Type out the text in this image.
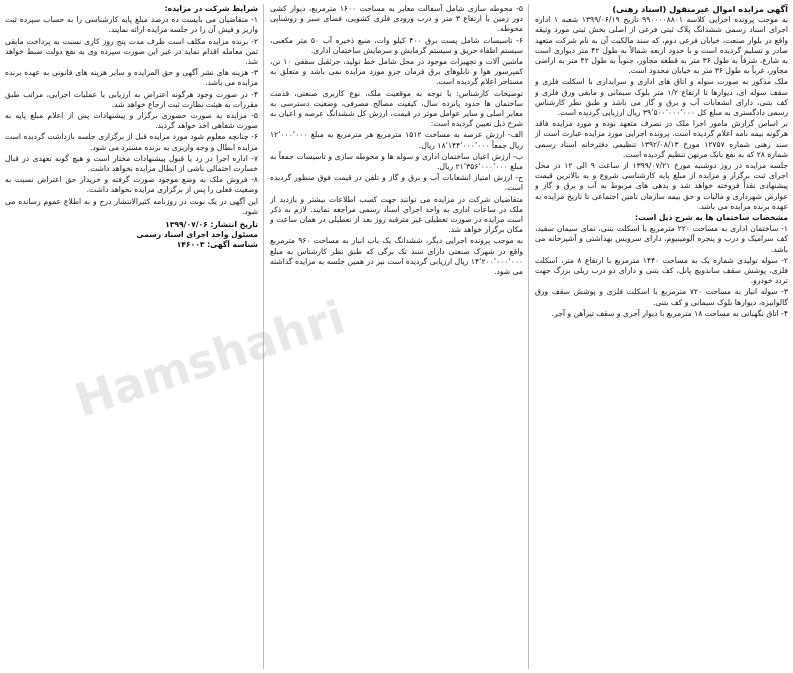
آگهی مزایده اموال غیرمنقول (اسناد رهنی)

به موجب پرونده اجرایی کلاسه ۹۹۰۰۰۰۸۸۰۱ تاریخ ۱۳۹۹/۰۶/۱۹ شعبه ۱ اداره اجرای اسناد رسمی ششدانگ پلاک ثبتی فرعی از اصلی بخش ثبتی مورد وثیقه واقع در بلوار صنعت، خیابان فرعی دوم، که سند مالکیت آن به نام شرکت متعهد صادر و تسلیم گردیده است و با حدود اربعه شمالاً به طول ۴۲ متر دیواری است به شارع، شرقاً به طول ۳۶ متر به قطعه مجاور، جنوباً به طول ۴۲ متر به اراضی مجاور، غرباً به طول ۳۶ متر به خیابان محدود است.

ملک مذکور به صورت سوله و اتاق های اداری و سرایداری با اسکلت فلزی و سقف سوله ای، دیوارها تا ارتفاع ۱/۲ متر بلوک سیمانی و مابقی ورق فلزی و کف بتنی، دارای انشعابات آب و برق و گاز می باشد و طبق نظر کارشناس رسمی دادگستری به مبلغ کل ۳۹٬۵۰۰٬۰۰۰٬۰۰۰ ریال ارزیابی گردیده است.

بر اساس گزارش مامور اجرا ملک در تصرف متعهد بوده و مورد مزایده فاقد هرگونه بیمه نامه اعلام گردیده است. پرونده اجرایی مورد مزایده عبارت است از سند رهنی شماره ۱۲۷۵۷ مورخ ۱۳۹۲/۰۸/۱۳ تنظیمی دفترخانه اسناد رسمی شماره ۲۸ که به نفع بانک مرتهن تنظیم گردیده است.

جلسه مزایده در روز دوشنبه مورخ ۱۳۹۹/۰۷/۲۱ از ساعت ۹ الی ۱۲ در محل اجرای ثبت برگزار و مزایده از مبلغ پایه کارشناسی شروع و به بالاترین قیمت پیشنهادی نقداً فروخته خواهد شد و بدهی های مربوط به آب و برق و گاز و عوارض شهرداری و مالیات و حق بیمه سازمان تامین اجتماعی تا تاریخ مزایده به عهده برنده مزایده می باشد.

مشخصات ساختمان ها به شرح ذیل است:

۱- ساختمان اداری به مساحت ۲۲۰ مترمربع با اسکلت بتنی، نمای سیمان سفید، کف سرامیک و درب و پنجره آلومینیوم، دارای سرویس بهداشتی و آشپزخانه می باشد.

۲- سوله تولیدی شماره یک به مساحت ۱۴۴۰ مترمربع با ارتفاع ۸ متر، اسکلت فلزی، پوشش سقف ساندویچ پانل، کف بتنی و دارای دو درب ریلی بزرگ جهت تردد خودرو.

۳- سوله انبار به مساحت ۷۲۰ مترمربع با اسکلت فلزی و پوشش سقف ورق گالوانیزه، دیوارها بلوک سیمانی و کف بتنی.

۴- اتاق نگهبانی به مساحت ۱۸ مترمربع با دیوار آجری و سقف تیرآهن و آجر.

۵- محوطه سازی شامل آسفالت معابر به مساحت ۱۶۰۰ مترمربع، دیوار کشی دور زمین با ارتفاع ۳ متر و درب ورودی فلزی کشویی، فضای سبز و روشنایی محوطه.

۶- تاسیسات شامل پست برق ۴۰۰ کیلو وات، منبع ذخیره آب ۵۰ متر مکعبی، سیستم اطفاء حریق و سیستم گرمایش و سرمایش ساختمان اداری.

ماشین آلات و تجهیزات موجود در محل شامل خط تولید، جرثقیل سقفی ۱۰ تن، کمپرسور هوا و تابلوهای برق فرمان جزو مورد مزایده نمی باشد و متعلق به مستاجر اعلام گردیده است.

توضیحات کارشناس: با توجه به موقعیت ملک، نوع کاربری صنعتی، قدمت ساختمان ها حدود پانزده سال، کیفیت مصالح مصرفی، وضعیت دسترسی به معابر اصلی و سایر عوامل موثر در قیمت، ارزش کل ششدانگ عرصه و اعیان به شرح ذیل تعیین گردیده است:

الف- ارزش عرصه به مساحت ۱۵۱۲ مترمربع هر مترمربع به مبلغ ۱۲٬۰۰۰٬۰۰۰ ریال جمعاً ۱۸٬۱۴۴٬۰۰۰٬۰۰۰ ریال.

ب- ارزش اعیان ساختمان اداری و سوله ها و محوطه سازی و تاسیسات جمعاً به مبلغ ۲۱٬۳۵۶٬۰۰۰٬۰۰۰ ریال.

ج- ارزش امتیاز انشعابات آب و برق و گاز و تلفن در قیمت فوق منظور گردیده است.

متقاضیان شرکت در مزایده می توانند جهت کسب اطلاعات بیشتر و بازدید از ملک در ساعات اداری به واحد اجرای اسناد رسمی مراجعه نمایند. لازم به ذکر است مزایده در صورت تعطیلی غیر مترقبه روز بعد از تعطیلی در همان ساعت و مکان برگزار خواهد شد.

به موجب پرونده اجرایی دیگر، ششدانگ یک باب انبار به مساحت ۹۶۰ مترمربع واقع در شهرک صنعتی دارای سند تک برگی که طبق نظر کارشناس به مبلغ ۱۴٬۲۰۰٬۰۰۰٬۰۰۰ ریال ارزیابی گردیده است نیز در همین جلسه به مزایده گذاشته می شود.

شرایط شرکت در مزایده:

۱- متقاضیان می بایست ده درصد مبلغ پایه کارشناسی را به حساب سپرده ثبت واریز و فیش آن را در جلسه مزایده ارائه نمایند.

۲- برنده مزایده مکلف است ظرف مدت پنج روز کاری نسبت به پرداخت مابقی ثمن معامله اقدام نماید در غیر این صورت سپرده وی به نفع دولت ضبط خواهد شد.

۳- هزینه های نشر آگهی و حق المزایده و سایر هزینه های قانونی به عهده برنده مزایده می باشد.

۴- در صورت وجود هرگونه اعتراض به ارزیابی یا عملیات اجرایی، مراتب طبق مقررات به هیئت نظارت ثبت ارجاع خواهد شد.

۵- مزایده به صورت حضوری برگزار و پیشنهادات پس از اعلام مبلغ پایه به صورت شفاهی اخذ خواهد گردید.

۶- چنانچه معلوم شود مورد مزایده قبل از برگزاری جلسه بازداشت گردیده است مزایده ابطال و وجه واریزی به برنده مسترد می شود.

۷- اداره اجرا در رد یا قبول پیشنهادات مختار است و هیچ گونه تعهدی در قبال خسارت احتمالی ناشی از ابطال مزایده نخواهد داشت.

۸- فروش ملک به وضع موجود صورت گرفته و خریدار حق اعتراض نسبت به وضعیت فعلی را پس از برگزاری مزایده نخواهد داشت.

این آگهی در یک نوبت در روزنامه کثیرالانتشار درج و به اطلاع عموم رسانده می شود.

تاریخ انتشار: ۱۳۹۹/۰۷/۰۶
مسئول واحد اجرای اسناد رسمی
شناسه آگهی: ۱۴۶۰۰۳
Hamshahri
